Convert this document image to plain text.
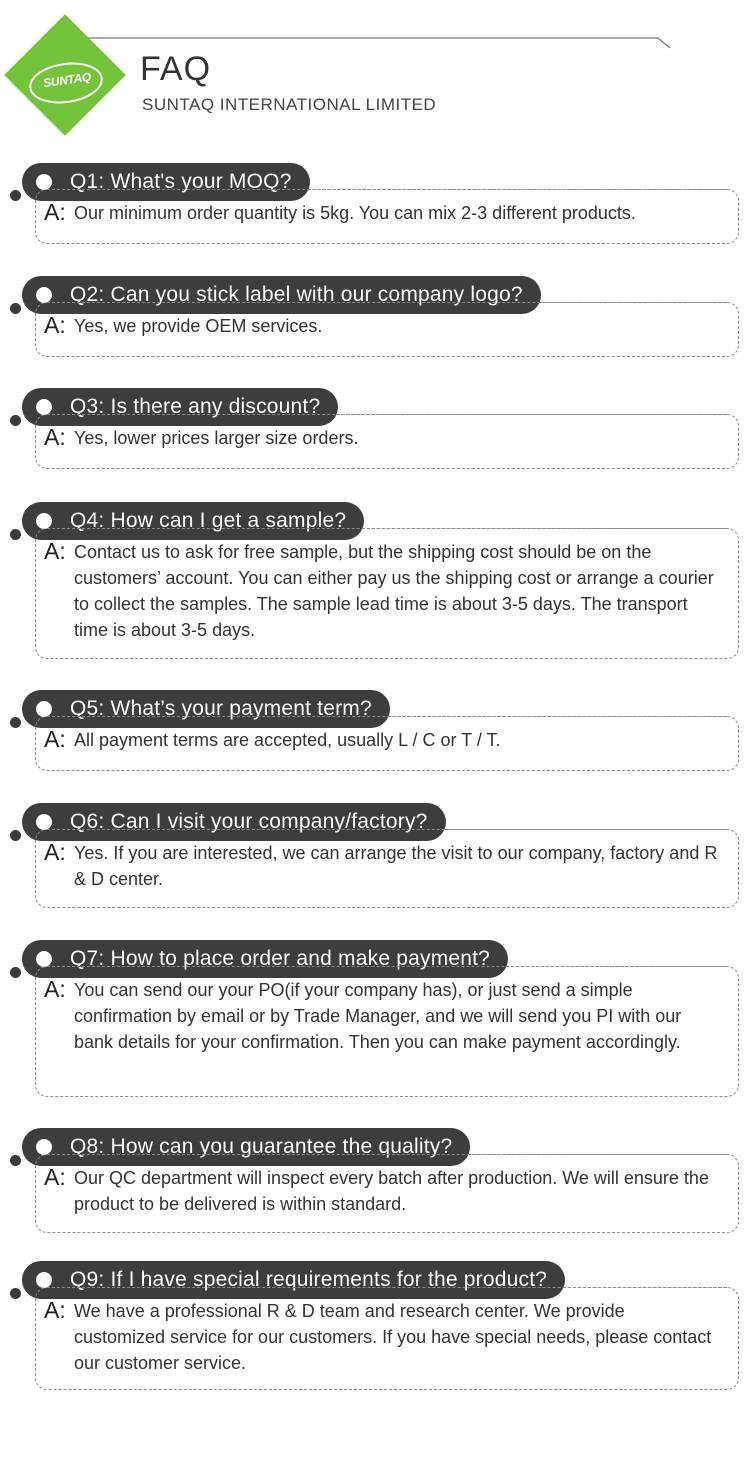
SUNTAQ	FAQ
SUNTAQ INTERNATIONAL LIMITED
Q1: What's your MOQ?
A: Our minimum order quantity is 5kg. You can mix 2-3 different products.
Q2: Can you stick label with our company logo?
A: Yes, we provide OEM services.
Q3: Is there any discount?
A: Yes, lower prices larger size orders.
Q4: How can I get a sample?
A: Contact us to ask for free sample, but the shipping cost should be on the customers’ account. You can either pay us the shipping cost or arrange a courier to collect the samples. The sample lead time is about 3-5 days. The transport time is about 3-5 days.
Q5: What’s your payment term?
A: All payment terms are accepted, usually L / C or T / T.
Q6: Can I visit your company/factory?
A: Yes. If you are interested, we can arrange the visit to our company, factory and R & D center.
Q7: How to place order and make payment?
A: You can send our your PO(if your company has), or just send a simple confirmation by email or by Trade Manager, and we will send you PI with our bank details for your confirmation. Then you can make payment accordingly.
Q8: How can you guarantee the quality?
A: Our QC department will inspect every batch after production. We will ensure the product to be delivered is within standard.
Q9: If I have special requirements for the product?
A: We have a professional R & D team and research center. We provide customized service for our customers. If you have special needs, please contact our customer service.
